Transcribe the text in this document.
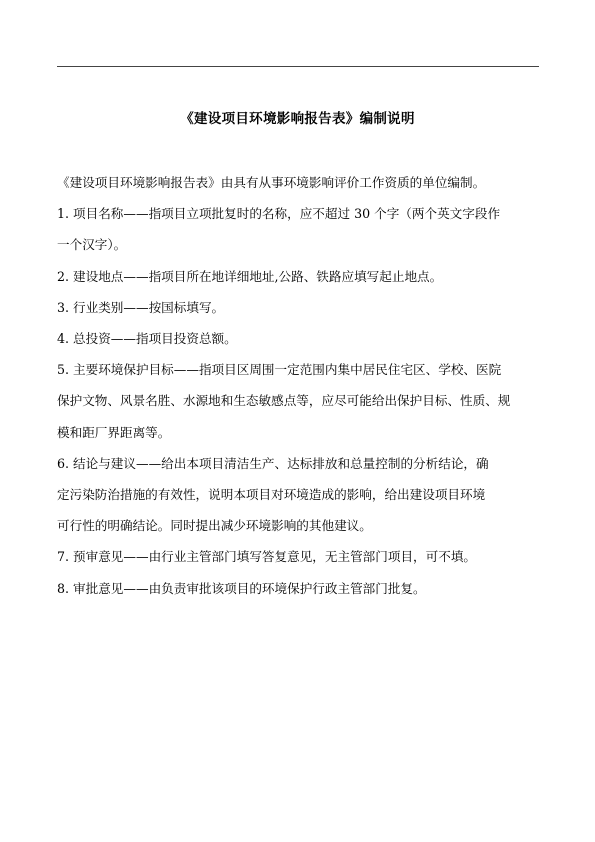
《建设项目环境影响报告表》编制说明

《建设项目环境影响报告表》由具有从事环境影响评价工作资质的单位编制。

1. 项目名称——指项目立项批复时的名称，应不超过 30 个字（两个英文字段作

一个汉字）。

2. 建设地点——指项目所在地详细地址,公路、铁路应填写起止地点。

3. 行业类别——按国标填写。

4. 总投资——指项目投资总额。

5. 主要环境保护目标——指项目区周围一定范围内集中居民住宅区、学校、医院

保护文物、风景名胜、水源地和生态敏感点等，应尽可能给出保护目标、性质、规

模和距厂界距离等。

6. 结论与建议——给出本项目清洁生产、达标排放和总量控制的分析结论，确

定污染防治措施的有效性，说明本项目对环境造成的影响，给出建设项目环境

可行性的明确结论。同时提出减少环境影响的其他建议。

7. 预审意见——由行业主管部门填写答复意见，无主管部门项目，可不填。

8. 审批意见——由负责审批该项目的环境保护行政主管部门批复。
